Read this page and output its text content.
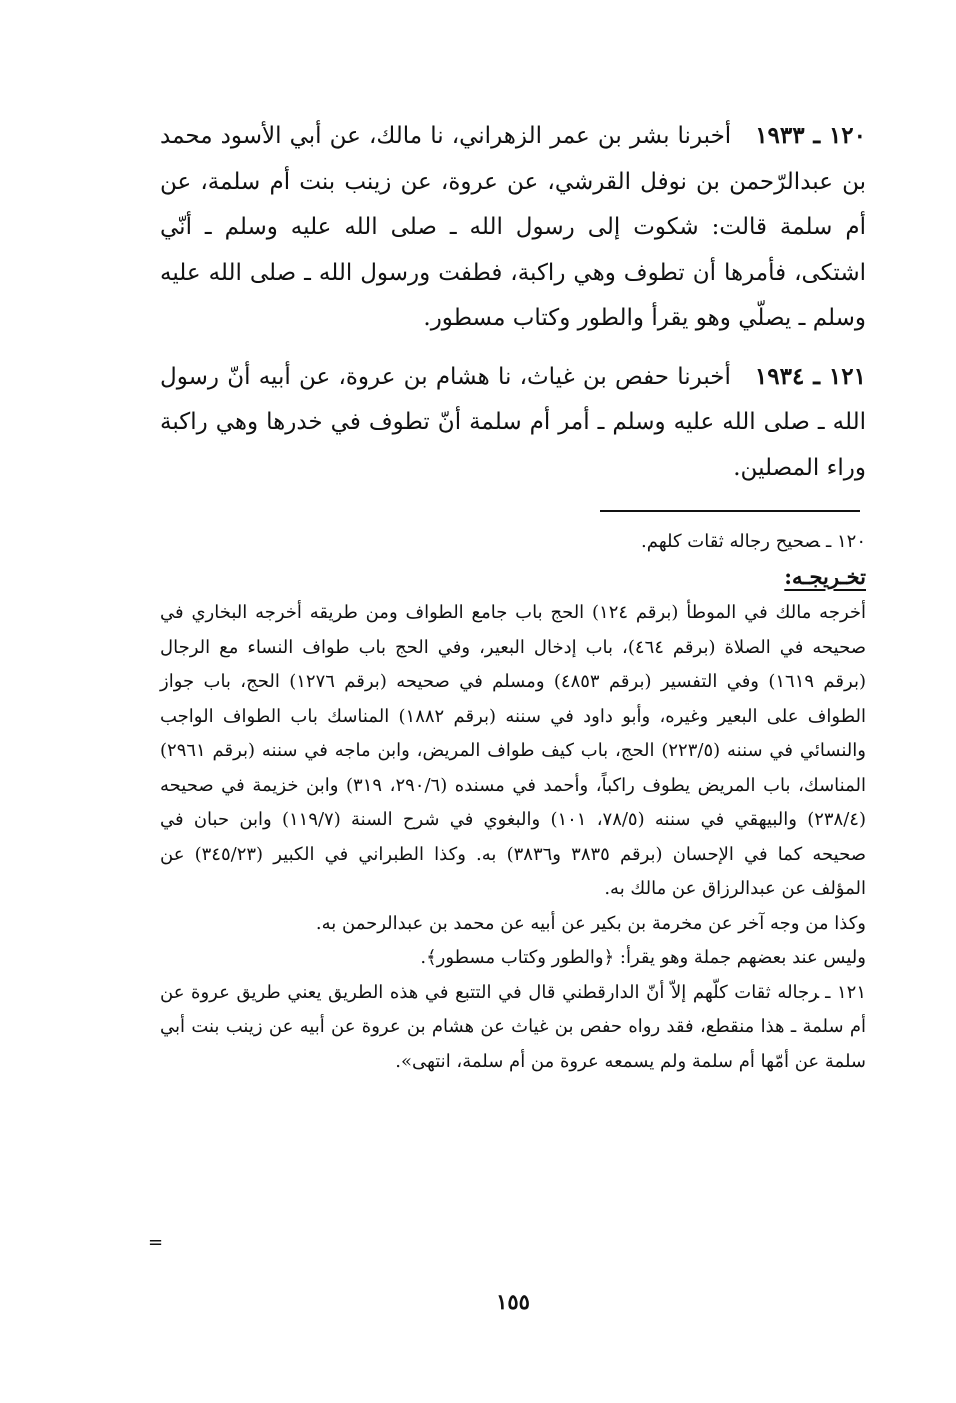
١٢٠ ـ ١٩٣٣أخبرنا بشر بن عمر الزهراني، نا مالك، عن أبي الأسود محمد بن عبدالرّحمن بن نوفل القرشي، عن عروة، عن زينب بنت أم سلمة، عن أم سلمة قالت: شكوت إلى رسول الله ـ صلى الله عليه وسلم ـ أنّي اشتكى، فأمرها أن تطوف وهي راكبة، فطفت ورسول الله ـ صلى الله عليه وسلم ـ يصلّي وهو يقرأ والطور وكتاب مسطور.

١٢١ ـ ١٩٣٤أخبرنا حفص بن غياث، نا هشام بن عروة، عن أبيه أنّ رسول الله ـ صلى الله عليه وسلم ـ أمر أم سلمة أنّ تطوف في خدرها وهي راكبة وراء المصلين.

١٢٠ ـصحيح رجاله ثقات كلهم.

تخـريجـه:

أخرجه مالك في الموطأ (برقم ١٢٤) الحج باب جامع الطواف ومن طريقه أخرجه البخاري في صحيحه في الصلاة (برقم ٤٦٤)، باب إدخال البعير، وفي الحج باب طواف النساء مع الرجال (برقم ١٦١٩) وفي التفسير (برقم ٤٨٥٣) ومسلم في صحيحه (برقم ١٢٧٦) الحج، باب جواز الطواف على البعير وغيره، وأبو داود في سننه (برقم ١٨٨٢) المناسك باب الطواف الواجب والنسائي في سننه (٢٢٣/٥) الحج، باب كيف طواف المريض، وابن ماجه في سننه (برقم ٢٩٦١) المناسك، باب المريض يطوف راكباً، وأحمد في مسنده (٢٩٠/٦، ٣١٩) وابن خزيمة في صحيحه (٢٣٨/٤) والبيهقي في سننه (٧٨/٥، ١٠١) والبغوي في شرح السنة (١١٩/٧) وابن حبان في صحيحه كما في الإحسان (برقم ٣٨٣٥ و٣٨٣٦) به. وكذا الطبراني في الكبير (٣٤٥/٢٣) عن المؤلف عن عبدالرزاق عن مالك به.

وكذا من وجه آخر عن مخرمة بن بكير عن أبيه عن محمد بن عبدالرحمن به.

وليس عند بعضهم جملة وهو يقرأ: ﴿والطور وكتاب مسطور﴾.

١٢١ ـرجاله ثقات كلّهم إلاّ أنّ الدارقطني قال في التتبع في هذه الطريق يعني طريق عروة عن أم سلمة ـ هذا منقطع، فقد رواه حفص بن غياث عن هشام بن عروة عن أبيه عن زينب بنت أبي سلمة عن أمّها أم سلمة ولم يسمعه عروة من أم سلمة، انتهى».

١٥٥
=
